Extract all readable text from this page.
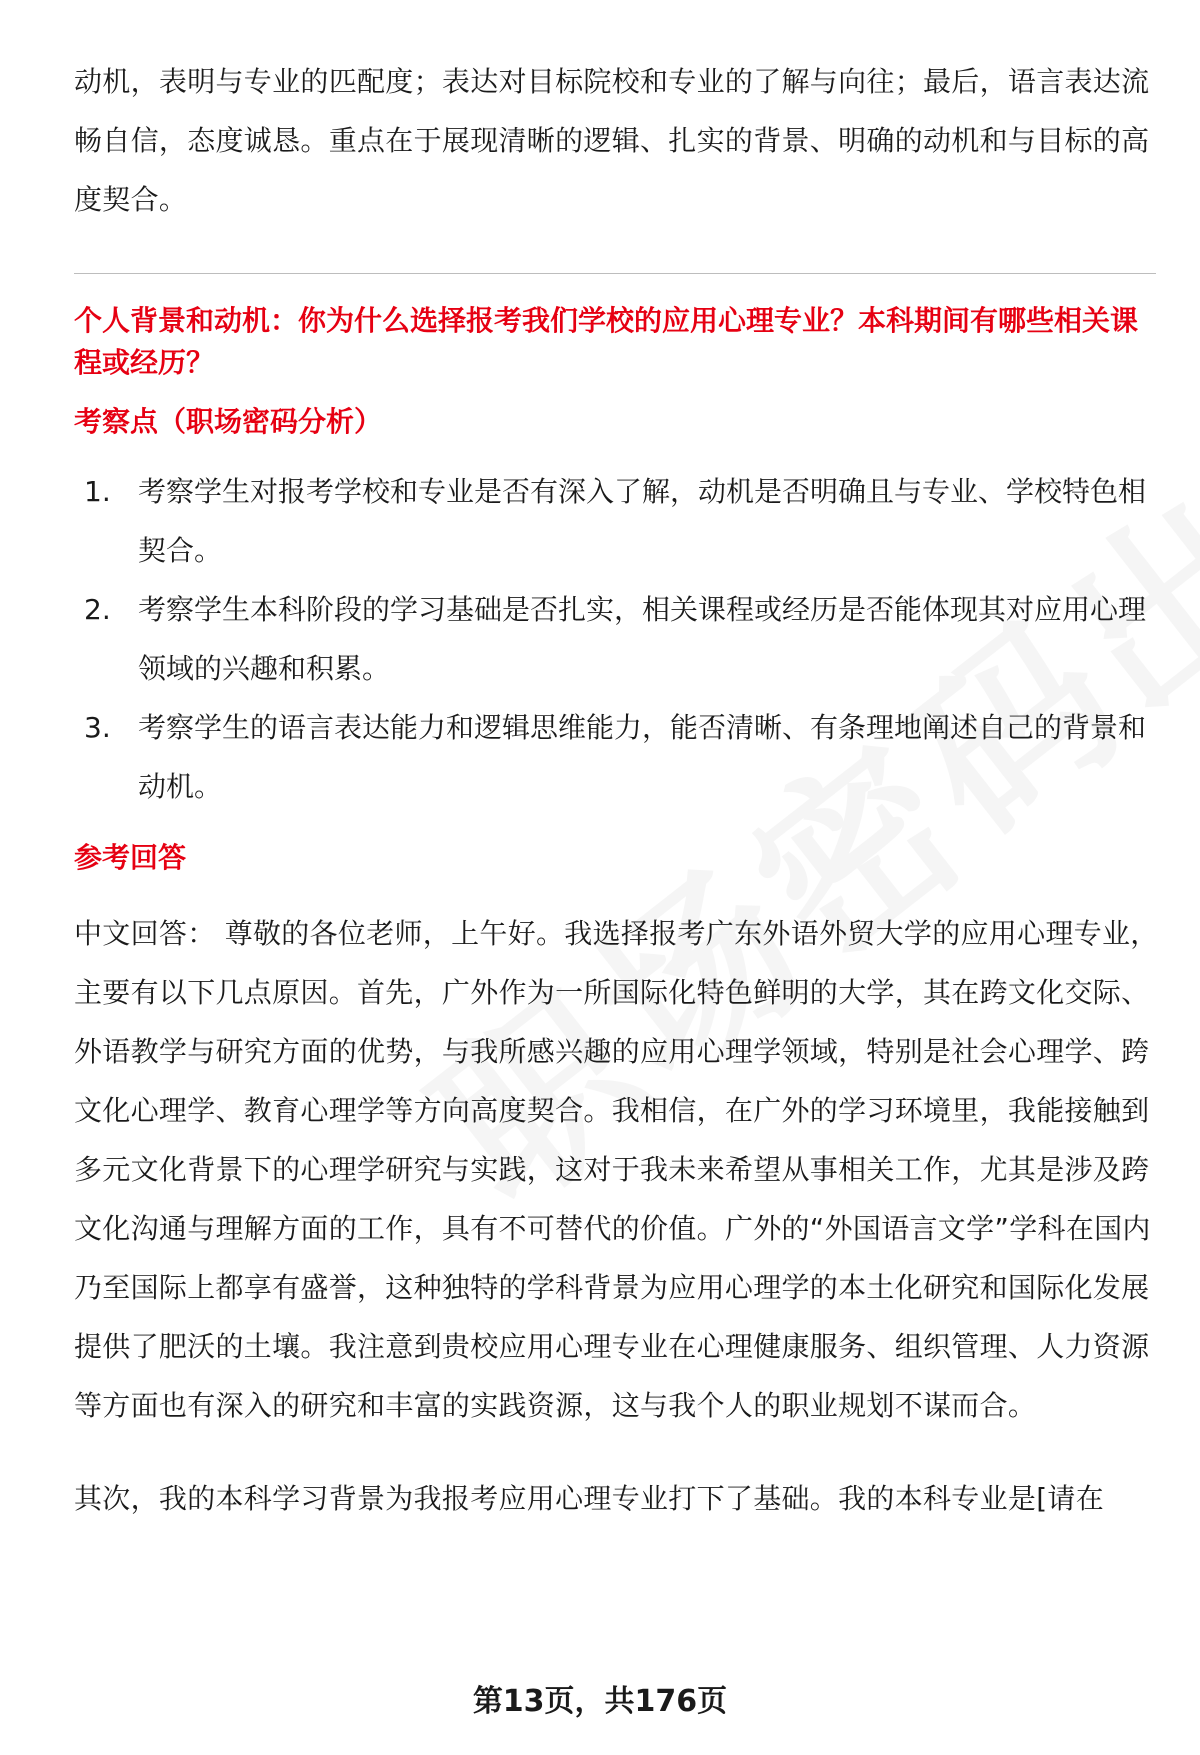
动机，表明与专业的匹配度；表达对目标院校和专业的了解与向往；最后，语言表达流畅自信，态度诚恳。重点在于展现清晰的逻辑、扎实的背景、明确的动机和与目标的高度契合。

个人背景和动机：你为什么选择报考我们学校的应用心理专业？本科期间有哪些相关课程或经历？
考察点（职场密码分析）
1. 考察学生对报考学校和专业是否有深入了解，动机是否明确且与专业、学校特色相契合。
2. 考察学生本科阶段的学习基础是否扎实，相关课程或经历是否能体现其对应用心理领域的兴趣和积累。
3. 考察学生的语言表达能力和逻辑思维能力，能否清晰、有条理地阐述自己的背景和动机。
参考回答

中文回答： 尊敬的各位老师，上午好。我选择报考广东外语外贸大学的应用心理专业，主要有以下几点原因。首先，广外作为一所国际化特色鲜明的大学，其在跨文化交际、外语教学与研究方面的优势，与我所感兴趣的应用心理学领域，特别是社会心理学、跨文化心理学、教育心理学等方向高度契合。我相信，在广外的学习环境里，我能接触到多元文化背景下的心理学研究与实践，这对于我未来希望从事相关工作，尤其是涉及跨文化沟通与理解方面的工作，具有不可替代的价值。广外的“外国语言文学”学科在国内乃至国际上都享有盛誉，这种独特的学科背景为应用心理学的本土化研究和国际化发展提供了肥沃的土壤。我注意到贵校应用心理专业在心理健康服务、组织管理、人力资源等方面也有深入的研究和丰富的实践资源，这与我个人的职业规划不谋而合。

其次，我的本科学习背景为我报考应用心理专业打下了基础。我的本科专业是[请在

第13页，共176页
